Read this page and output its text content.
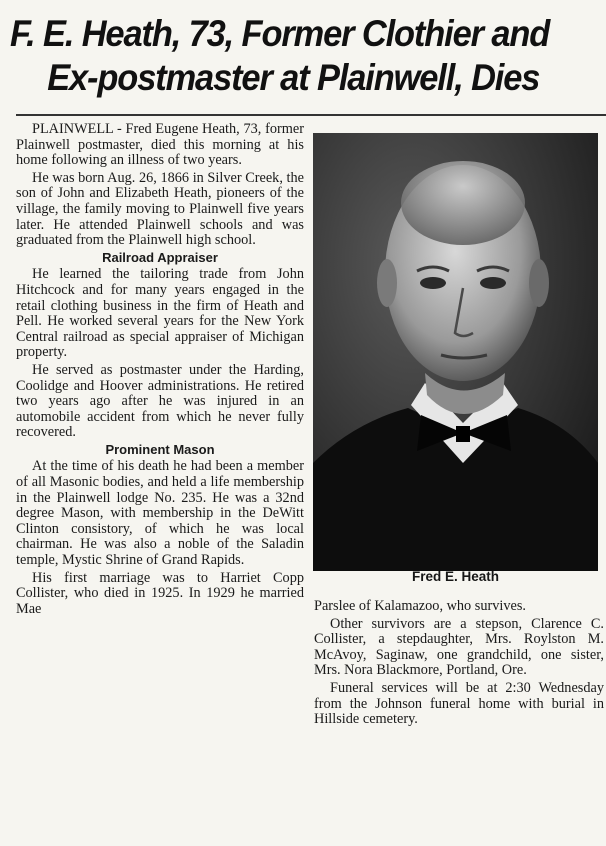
F. E. Heath, 73, Former Clothier and
Ex-postmaster at Plainwell, Dies

PLAINWELL - Fred Eugene Heath, 73, former Plainwell postmaster, died this morning at his home following an illness of two years.

He was born Aug. 26, 1866 in Silver Creek, the son of John and Elizabeth Heath, pioneers of the village, the family moving to Plainwell five years later. He attended Plainwell schools and was graduated from the Plainwell high school.

Railroad Appraiser

He learned the tailoring trade from John Hitchcock and for many years engaged in the retail clothing business in the firm of Heath and Pell. He worked several years for the New York Central railroad as special appraiser of Michigan property.

He served as postmaster under the Harding, Coolidge and Hoover administrations. He retired two years ago after he was injured in an automobile accident from which he never fully recovered.

Prominent Mason

At the time of his death he had been a member of all Masonic bodies, and held a life membership in the Plainwell lodge No. 235. He was a 32nd degree Mason, with membership in the DeWitt Clinton consistory, of which he was local chairman. He was also a noble of the Saladin temple, Mystic Shrine of Grand Rapids.

His first marriage was to Harriet Copp Collister, who died in 1925. In 1929 he married Mae

Fred E. Heath

Parslee of Kalamazoo, who survives.

Other survivors are a stepson, Clarence C. Collister, a stepdaughter, Mrs. Roylston M. McAvoy, Saginaw, one grandchild, one sister, Mrs. Nora Blackmore, Portland, Ore.

Funeral services will be at 2:30 Wednesday from the Johnson funeral home with burial in Hillside cemetery.
